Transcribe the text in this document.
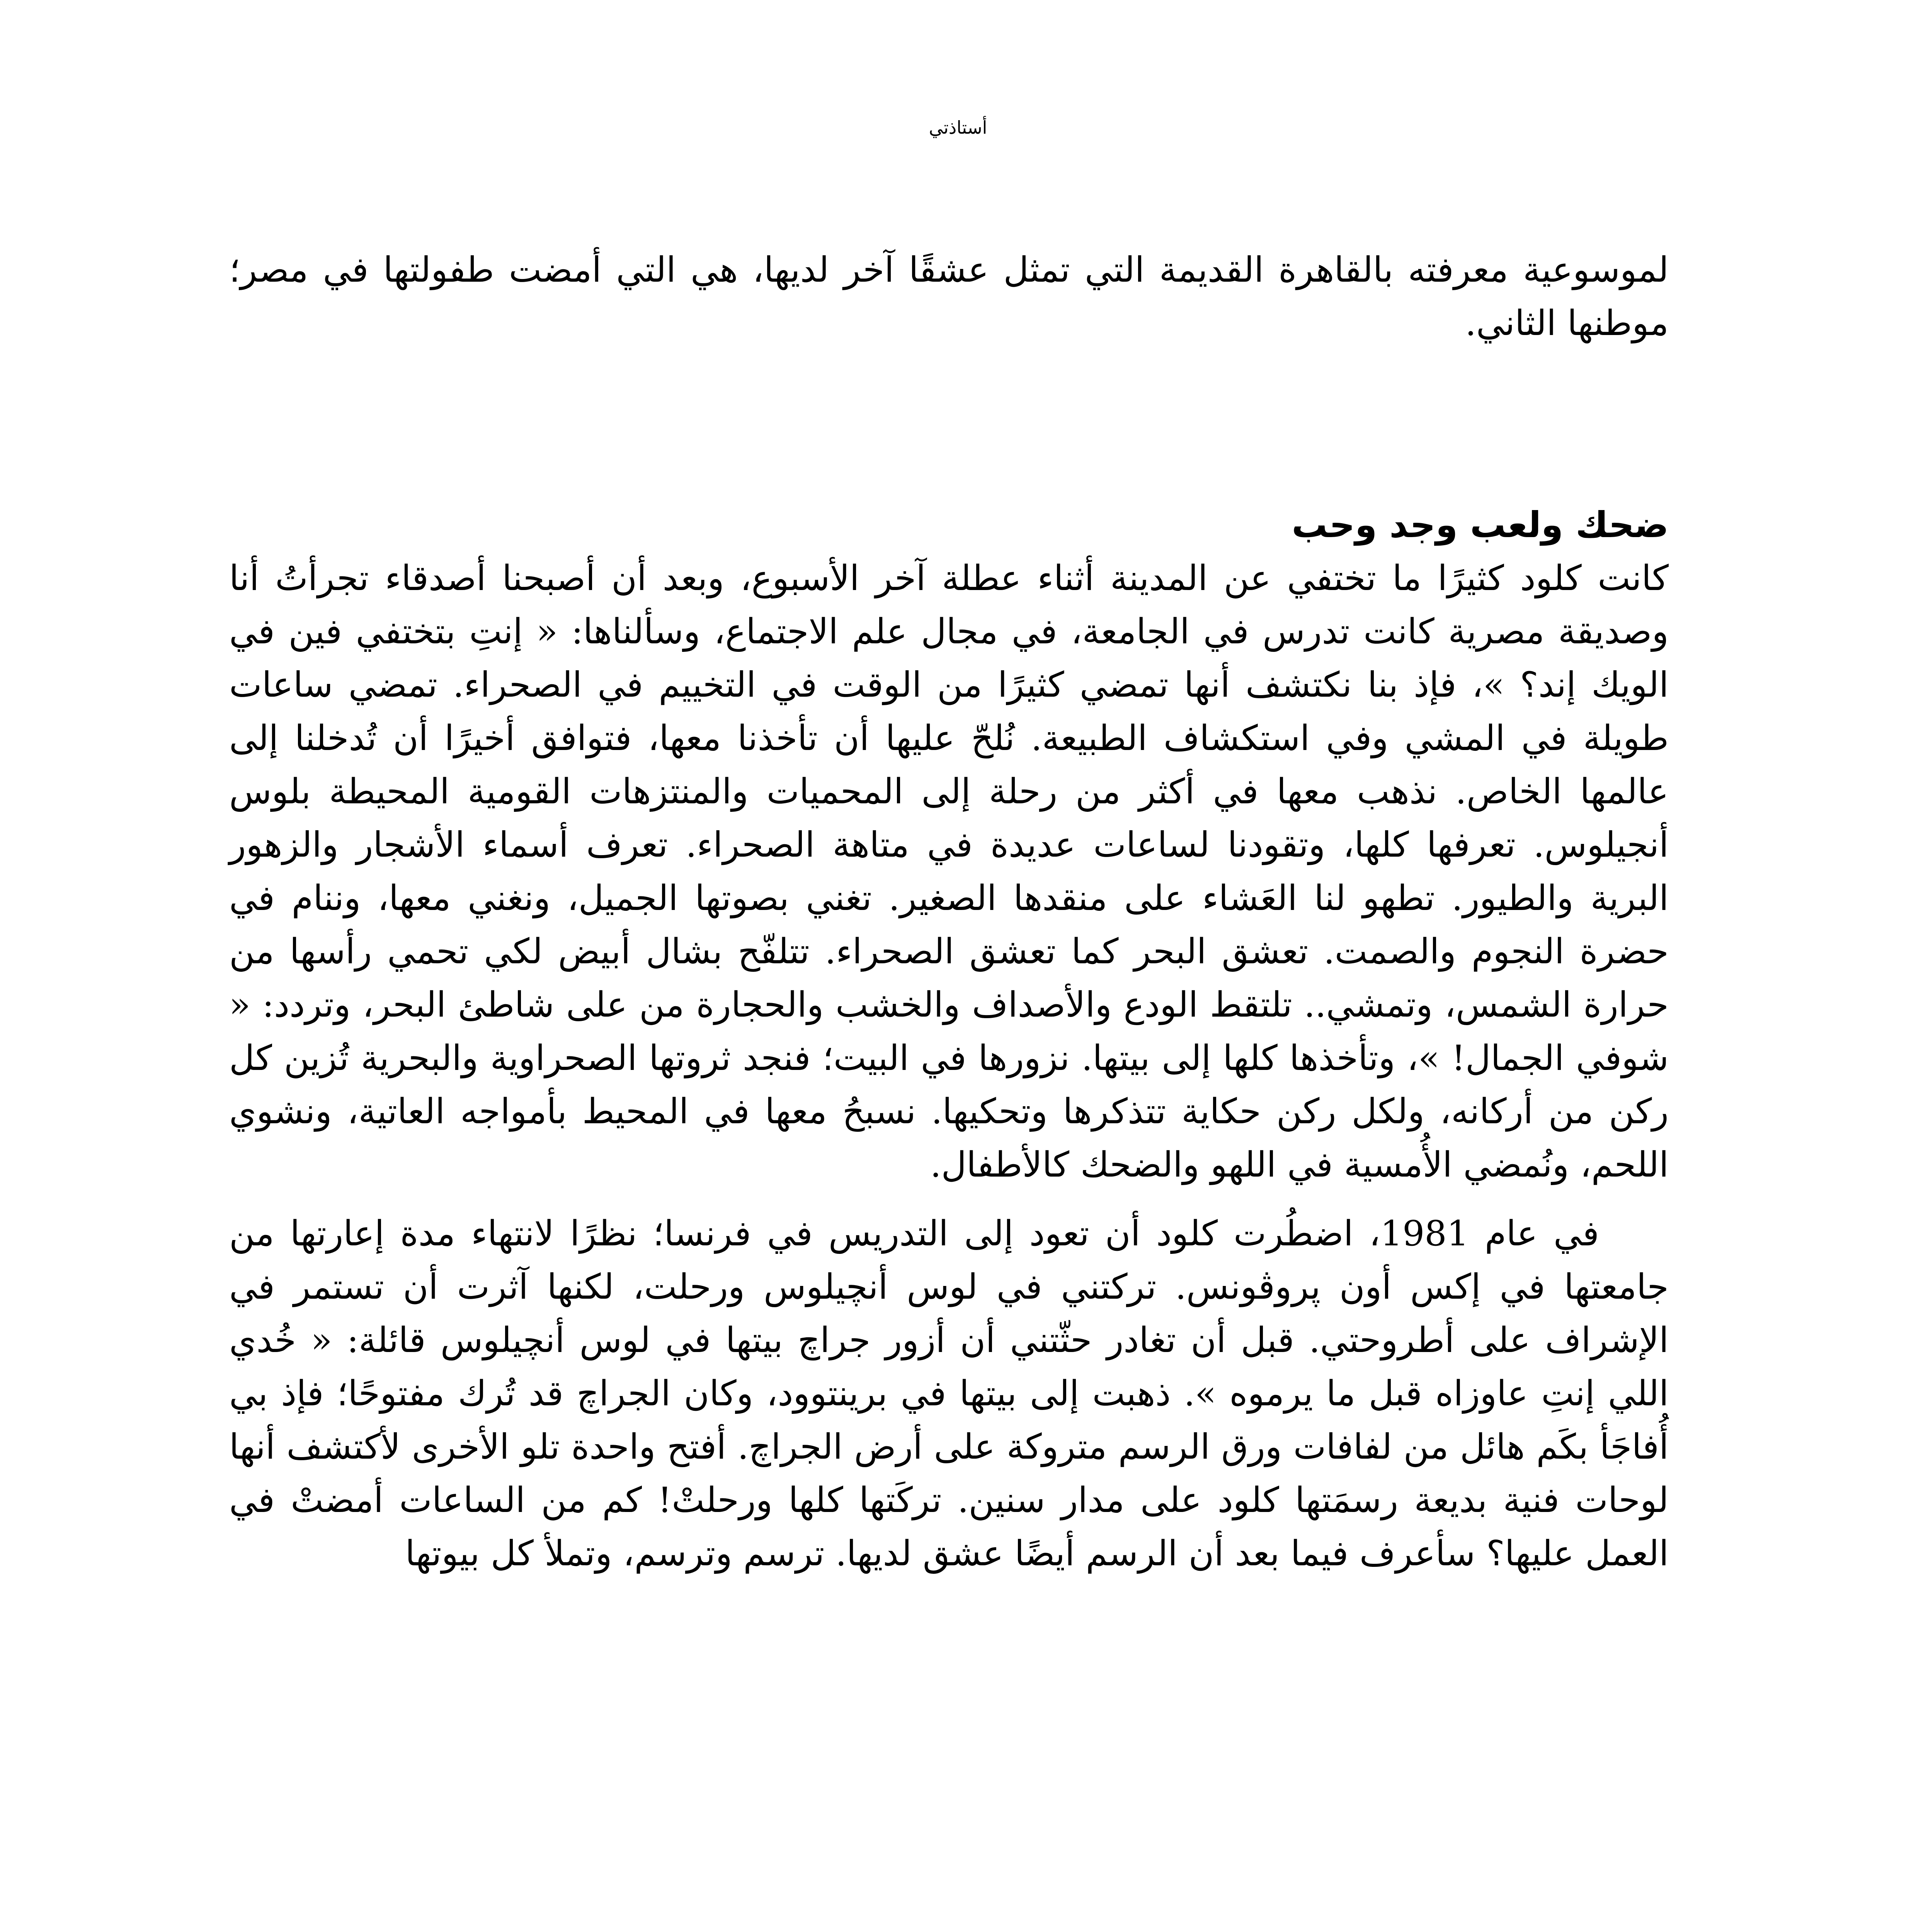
أستاذتي

لموسوعية معرفته بالقاهرة القديمة التي تمثل عشقًا آخر لديها، هي التي أمضت طفولتها في مصر؛ موطنها الثاني.

ضحك ولعب وجد وحب

كانت كلود كثيرًا ما تختفي عن المدينة أثناء عطلة آخر الأسبوع، وبعد أن أصبحنا أصدقاء تجرأتُ أنا وصديقة مصرية كانت تدرس في الجامعة، في مجال علم الاجتماع، وسألناها: « إنتِ بتختفي فين في الويك إند؟ »، فإذ بنا نكتشف أنها تمضي كثيرًا من الوقت في التخييم في الصحراء. تمضي ساعات طويلة في المشي وفي استكشاف الطبيعة. نُلحّ عليها أن تأخذنا معها، فتوافق أخيرًا أن تُدخلنا إلى عالمها الخاص. نذهب معها في أكثر من رحلة إلى المحميات والمنتزهات القومية المحيطة بلوس أنجيلوس. تعرفها كلها، وتقودنا لساعات عديدة في متاهة الصحراء. تعرف أسماء الأشجار والزهور البرية والطيور. تطهو لنا العَشاء على منقدها الصغير. تغني بصوتها الجميل، ونغني معها، وننام في حضرة النجوم والصمت. تعشق البحر كما تعشق الصحراء. تتلفّح بشال أبيض لكي تحمي رأسها من حرارة الشمس، وتمشي.. تلتقط الودع والأصداف والخشب والحجارة من على شاطئ البحر، وتردد: « شوفي الجمال! »، وتأخذها كلها إلى بيتها. نزورها في البيت؛ فنجد ثروتها الصحراوية والبحرية تُزين كل ركن من أركانه، ولكل ركن حكاية تتذكرها وتحكيها. نسبحُ معها في المحيط بأمواجه العاتية، ونشوي اللحم، ونُمضي الأُمسية في اللهو والضحك كالأطفال.

في عام 1981، اضطُرت كلود أن تعود إلى التدريس في فرنسا؛ نظرًا لانتهاء مدة إعارتها من جامعتها في إكس أون پروڤونس. تركتني في لوس أنچيلوس ورحلت، لكنها آثرت أن تستمر في الإشراف على أطروحتي. قبل أن تغادر حثّتني أن أزور جراچ بيتها في لوس أنچيلوس قائلة: « خُدي اللي إنتِ عاوزاه قبل ما يرموه ». ذهبت إلى بيتها في برينتوود، وكان الجراچ قد تُرك مفتوحًا؛ فإذ بي أُفاجَأ بكَم هائل من لفافات ورق الرسم متروكة على أرض الجراچ. أفتح واحدة تلو الأخرى لأكتشف أنها لوحات فنية بديعة رسمَتها كلود على مدار سنين. تركَتها كلها ورحلتْ! كم من الساعات أمضتْ في العمل عليها؟ سأعرف فيما بعد أن الرسم أيضًا عشق لديها. ترسم وترسم، وتملأ كل بيوتها
